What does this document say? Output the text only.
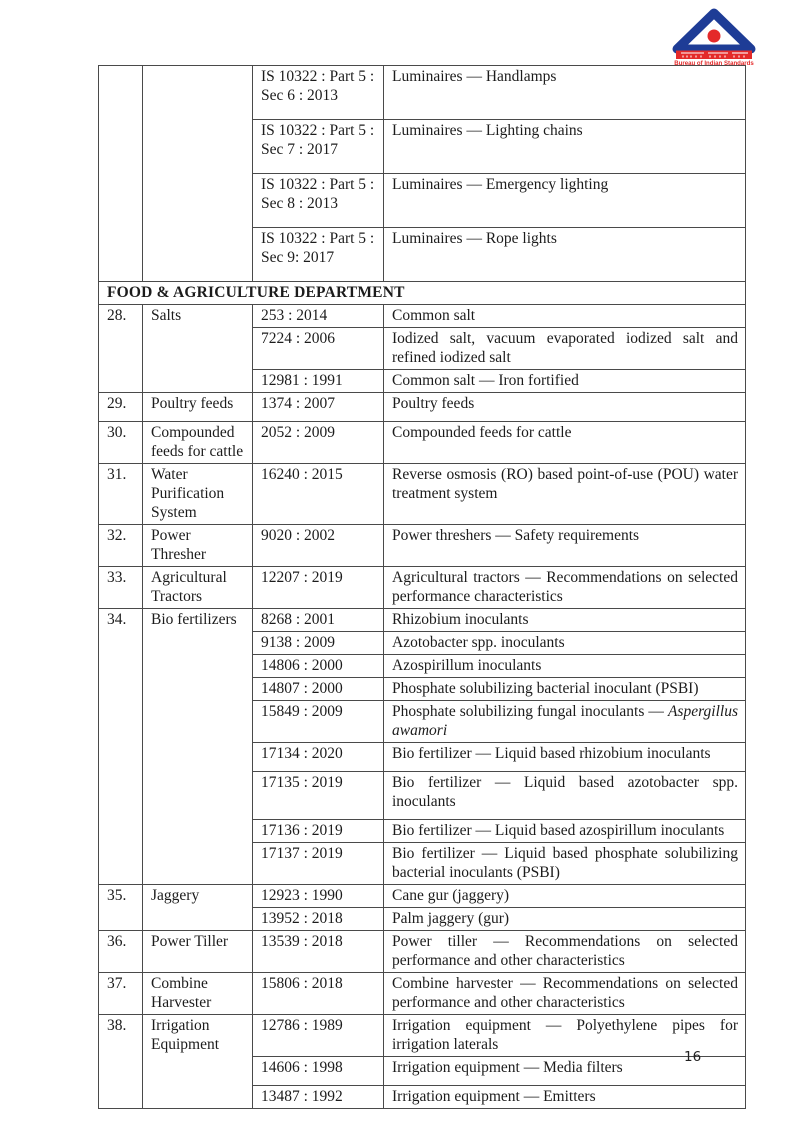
Bureau of Indian Standards
		IS 10322 : Part 5 : Sec 6 : 2013	Luminaires — Handlamps
		IS 10322 : Part 5 : Sec 7 : 2017	Luminaires — Lighting chains
		IS 10322 : Part 5 : Sec 8 : 2013	Luminaires — Emergency lighting
		IS 10322 : Part 5 : Sec 9: 2017	Luminaires — Rope lights
FOOD & AGRICULTURE DEPARTMENT			
28.	Salts	253 : 2014	Common salt
		7224 : 2006	Iodized salt, vacuum evaporated iodized salt and refined iodized salt
		12981 : 1991	Common salt — Iron fortified
29.	Poultry feeds	1374 : 2007	Poultry feeds
30.	Compounded feeds for cattle	2052 : 2009	Compounded feeds for cattle
31.	Water Purification System	16240 : 2015	Reverse osmosis (RO) based point-of-use (POU) water treatment system
32.	Power Thresher	9020 : 2002	Power threshers — Safety requirements
33.	Agricultural Tractors	12207 : 2019	Agricultural tractors — Recommendations on selected performance characteristics
34.	Bio fertilizers	8268 : 2001	Rhizobium inoculants
		9138 : 2009	Azotobacter spp. inoculants
		14806 : 2000	Azospirillum inoculants
		14807 : 2000	Phosphate solubilizing bacterial inoculant (PSBI)
		15849 : 2009	Phosphate solubilizing fungal inoculants — Aspergillus awamori
		17134 : 2020	Bio fertilizer — Liquid based rhizobium inoculants
		17135 : 2019	Bio fertilizer — Liquid based azotobacter spp. inoculants
		17136 : 2019	Bio fertilizer — Liquid based azospirillum inoculants
		17137 : 2019	Bio fertilizer — Liquid based phosphate solubilizing bacterial inoculants (PSBI)
35.	Jaggery	12923 : 1990	Cane gur (jaggery)
		13952 : 2018	Palm jaggery (gur)
36.	Power Tiller	13539 : 2018	Power tiller — Recommendations on selected performance and other characteristics
37.	Combine Harvester	15806 : 2018	Combine harvester — Recommendations on selected performance and other characteristics
38.	Irrigation Equipment	12786 : 1989	Irrigation equipment — Polyethylene pipes for irrigation laterals
		14606 : 1998	Irrigation equipment — Media filters
		13487 : 1992	Irrigation equipment — Emitters
16
